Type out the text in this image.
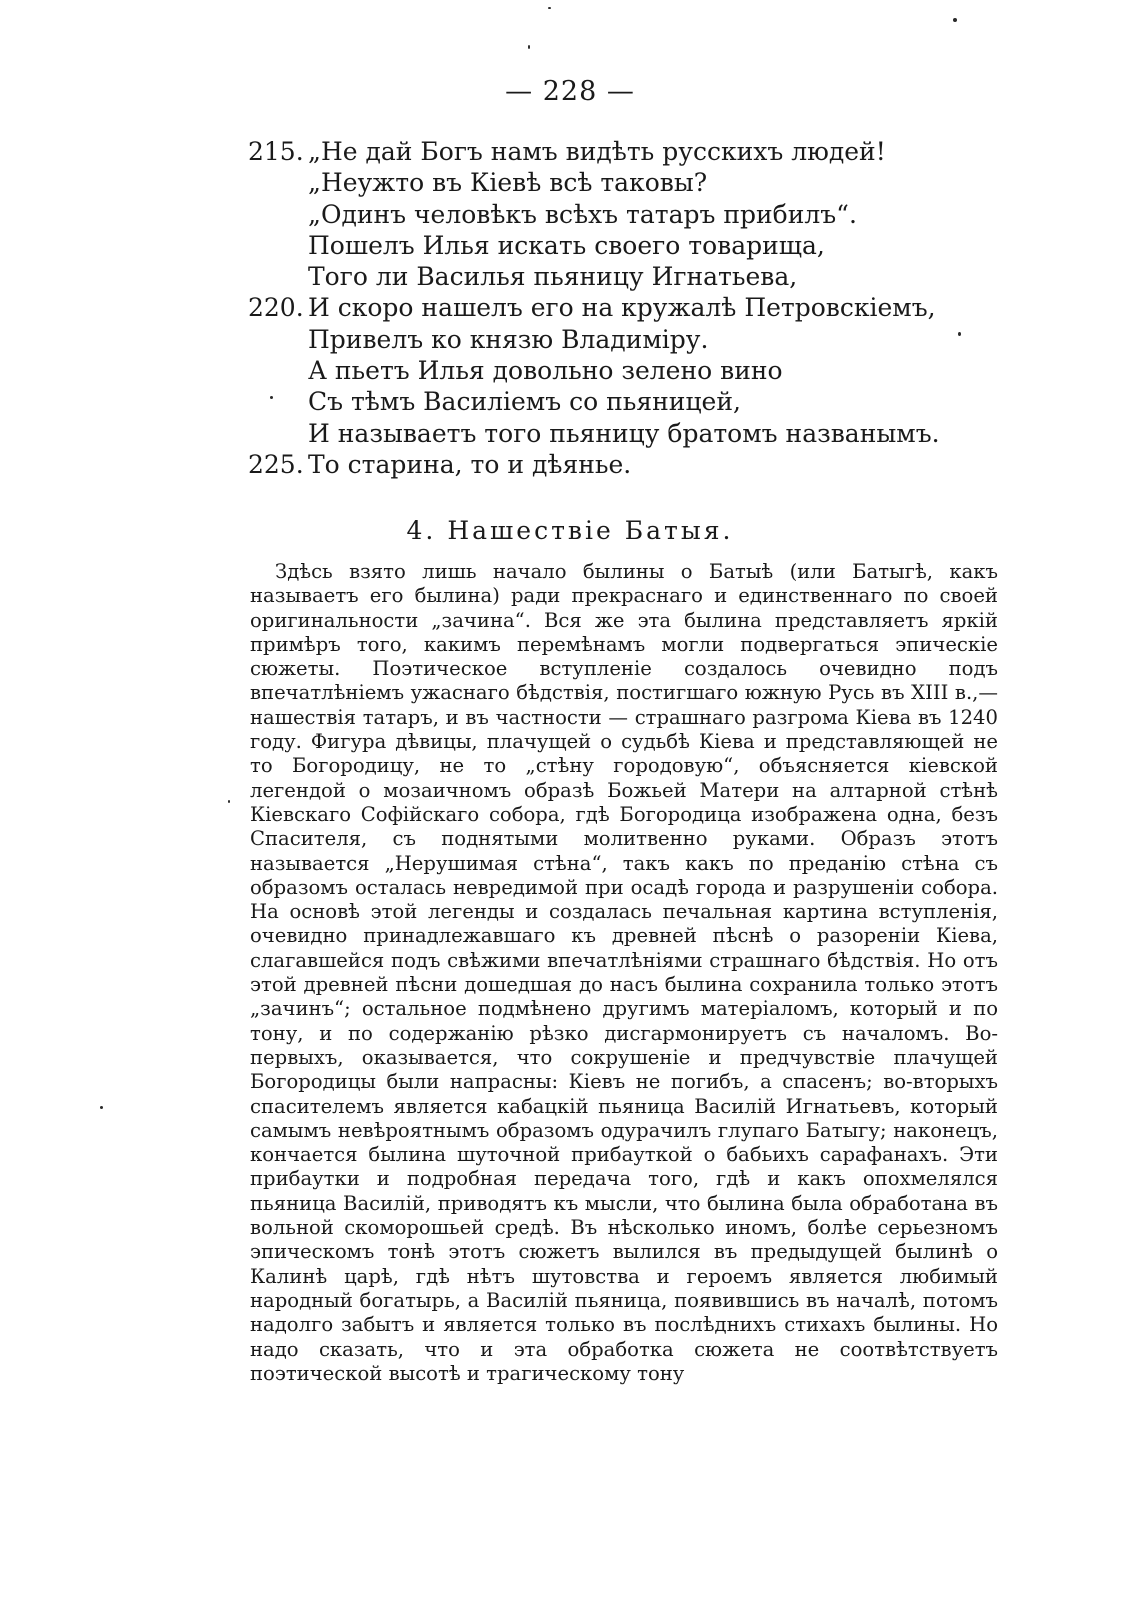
— 228 —
215. „Не дай Богъ намъ видѣть русскихъ людей!
„Неужто въ Кіевѣ всѣ таковы?
„Одинъ человѣкъ всѣхъ татаръ прибилъ“.
Пошелъ Илья искать своего товарища,
Того ли Василья пьяницу Игнатьева,
220. И скоро нашелъ его на кружалѣ Петровскіемъ,
Привелъ ко князю Владиміру.
А пьетъ Илья довольно зелено вино
Съ тѣмъ Василіемъ со пьяницей,
И называетъ того пьяницу братомъ названымъ.
225. То старина, то и дѣянье.
4. Нашествіе Батыя.

Здѣсь взято лишь начало былины о Батыѣ (или Батыгѣ, какъ называетъ его былина) ради прекраснаго и единственнаго по своей оригинальности „зачина“. Вся же эта былина представляетъ яркій примѣръ того, какимъ перемѣнамъ могли подвергаться эпическіе сюжеты. Поэтическое вступленіе создалось очевидно подъ впечатлѣніемъ ужаснаго бѣдствія, постигшаго южную Русь въ XIII в.,— нашествія татаръ, и въ частности — страшнаго разгрома Кіева въ 1240 году. Фигура дѣвицы, плачущей о судьбѣ Кіева и представляющей не то Богородицу, не то „стѣну городовую“, объясняется кіевской легендой о мозаичномъ образѣ Божьей Матери на алтарной стѣнѣ Кіевскаго Софійскаго собора, гдѣ Богородица изображена одна, безъ Спасителя, съ поднятыми молитвенно руками. Образъ этотъ называется „Нерушимая стѣна“, такъ какъ по преданію стѣна съ образомъ осталась невредимой при осадѣ города и разрушеніи собора. На основѣ этой легенды и создалась печальная картина вступленія, очевидно принадлежавшаго къ древней пѣснѣ о разореніи Кіева, слагавшейся подъ свѣжими впечатлѣніями страшнаго бѣдствія. Но отъ этой древней пѣсни дошедшая до насъ былина сохранила только этотъ „зачинъ“; остальное подмѣнено другимъ матеріаломъ, который и по тону, и по содержанію рѣзко дисгармонируетъ съ началомъ. Во-первыхъ, оказывается, что сокрушеніе и предчувствіе плачущей Богородицы были напрасны: Кіевъ не погибъ, а спасенъ; во-вторыхъ спасителемъ является кабацкій пьяница Василій Игнатьевъ, который самымъ невѣроятнымъ образомъ одурачилъ глупаго Батыгу; наконецъ, кончается былина шуточной прибауткой о бабьихъ сарафанахъ. Эти прибаутки и подробная передача того, гдѣ и какъ опохмелялся пьяница Василій, приводятъ къ мысли, что былина была обработана въ вольной скоморошьей средѣ. Въ нѣсколько иномъ, болѣе серьезномъ эпическомъ тонѣ этотъ сюжетъ вылился въ предыдущей былинѣ о Калинѣ царѣ, гдѣ нѣтъ шутовства и героемъ является любимый народный богатырь, а Василій пьяница, появившись въ началѣ, потомъ надолго забытъ и является только въ послѣднихъ стихахъ былины. Но надо сказать, что и эта обработка сюжета не соотвѣтствуетъ поэтической высотѣ и трагическому тону
